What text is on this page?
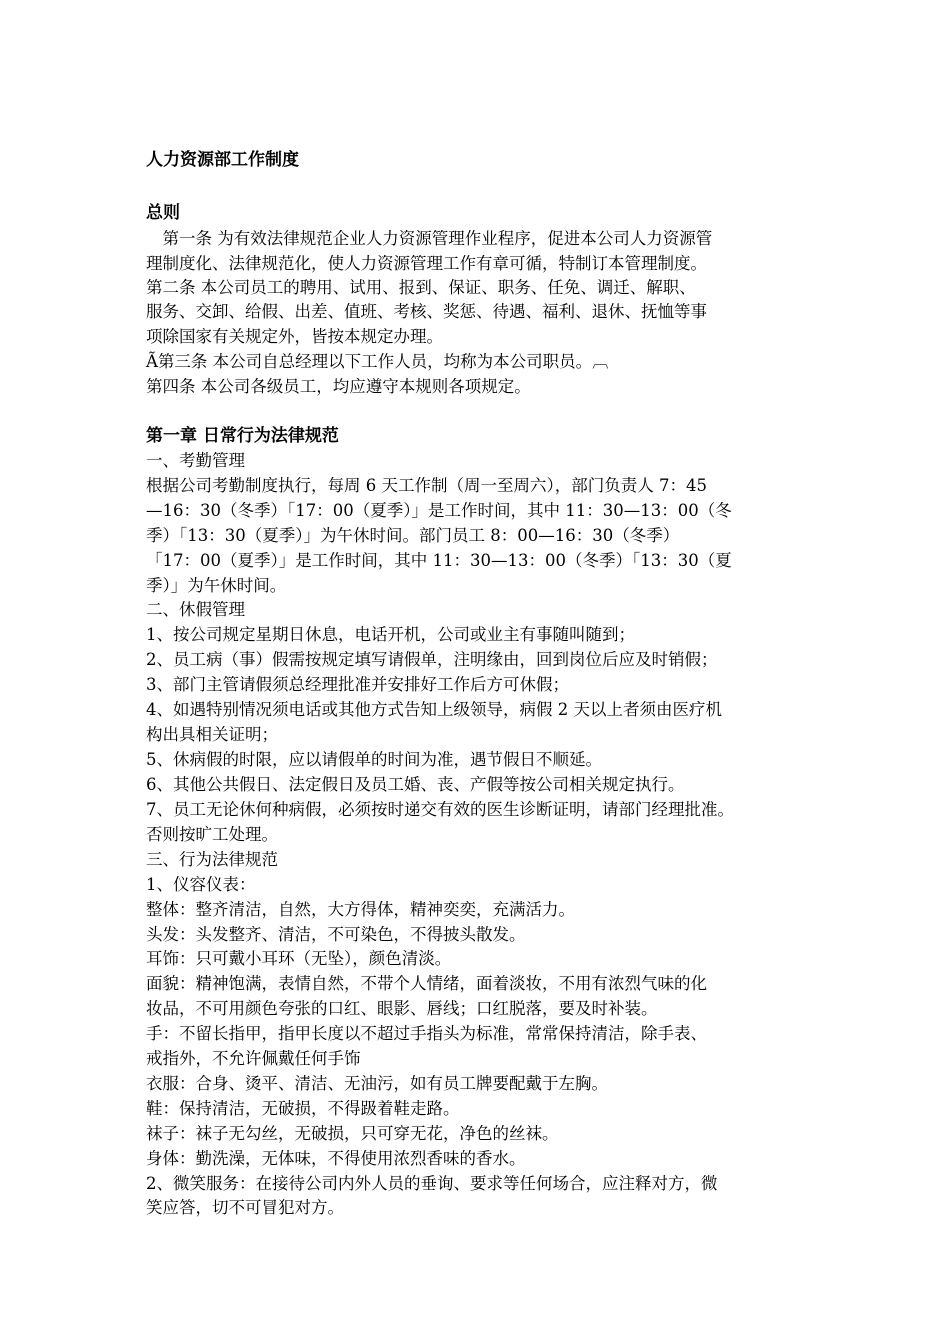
人力资源部工作制度
总则
　第一条 为有效法律规范企业人力资源管理作业程序，促进本公司人力资源管
理制度化、法律规范化，使人力资源管理工作有章可循，特制订本管理制度。
第二条 本公司员工的聘用、试用、报到、保证、职务、任免、调迁、解职、
服务、交卸、给假、出差、值班、考核、奖惩、待遇、福利、退休、抚恤等事
项除国家有关规定外，皆按本规定办理。
Ã第三条 本公司自总经理以下工作人员，均称为本公司职员。︹
第四条 本公司各级员工，均应遵守本规则各项规定。
第一章 日常行为法律规范
一、考勤管理
根据公司考勤制度执行，每周 6 天工作制（周一至周六），部门负责人 7：45
—16：30（冬季）「17：00（夏季）」是工作时间，其中 11：30—13：00（冬
季）「13：30（夏季）」为午休时间。部门员工 8：00—16：30（冬季）
「17：00（夏季）」是工作时间，其中 11：30—13：00（冬季）「13：30（夏
季）」为午休时间。
二、休假管理
1、按公司规定星期日休息，电话开机，公司或业主有事随叫随到；
2、员工病（事）假需按规定填写请假单，注明缘由，回到岗位后应及时销假；
3、部门主管请假须总经理批准并安排好工作后方可休假；
4、如遇特别情况须电话或其他方式告知上级领导，病假 2 天以上者须由医疗机
构出具相关证明；
5、休病假的时限，应以请假单的时间为准，遇节假日不顺延。
6、其他公共假日、法定假日及员工婚、丧、产假等按公司相关规定执行。
7、员工无论休何种病假，必须按时递交有效的医生诊断证明，请部门经理批准。
否则按旷工处理。
三、行为法律规范
1、仪容仪表：
整体：整齐清洁，自然，大方得体，精神奕奕，充满活力。
头发：头发整齐、清洁，不可染色，不得披头散发。
耳饰：只可戴小耳环（无坠），颜色清淡。
面貌：精神饱满，表情自然，不带个人情绪，面着淡妆，不用有浓烈气味的化
妆品，不可用颜色夸张的口红、眼影、唇线；口红脱落，要及时补装。
手：不留长指甲，指甲长度以不超过手指头为标准，常常保持清洁，除手表、
戒指外，不允许佩戴任何手饰
衣服：合身、烫平、清洁、无油污，如有员工牌要配戴于左胸。
鞋：保持清洁，无破损，不得趿着鞋走路。
袜子：袜子无勾丝，无破损，只可穿无花，净色的丝袜。
身体：勤洗澡，无体味，不得使用浓烈香味的香水。
2、微笑服务：在接待公司内外人员的垂询、要求等任何场合，应注释对方，微
笑应答，切不可冒犯对方。
